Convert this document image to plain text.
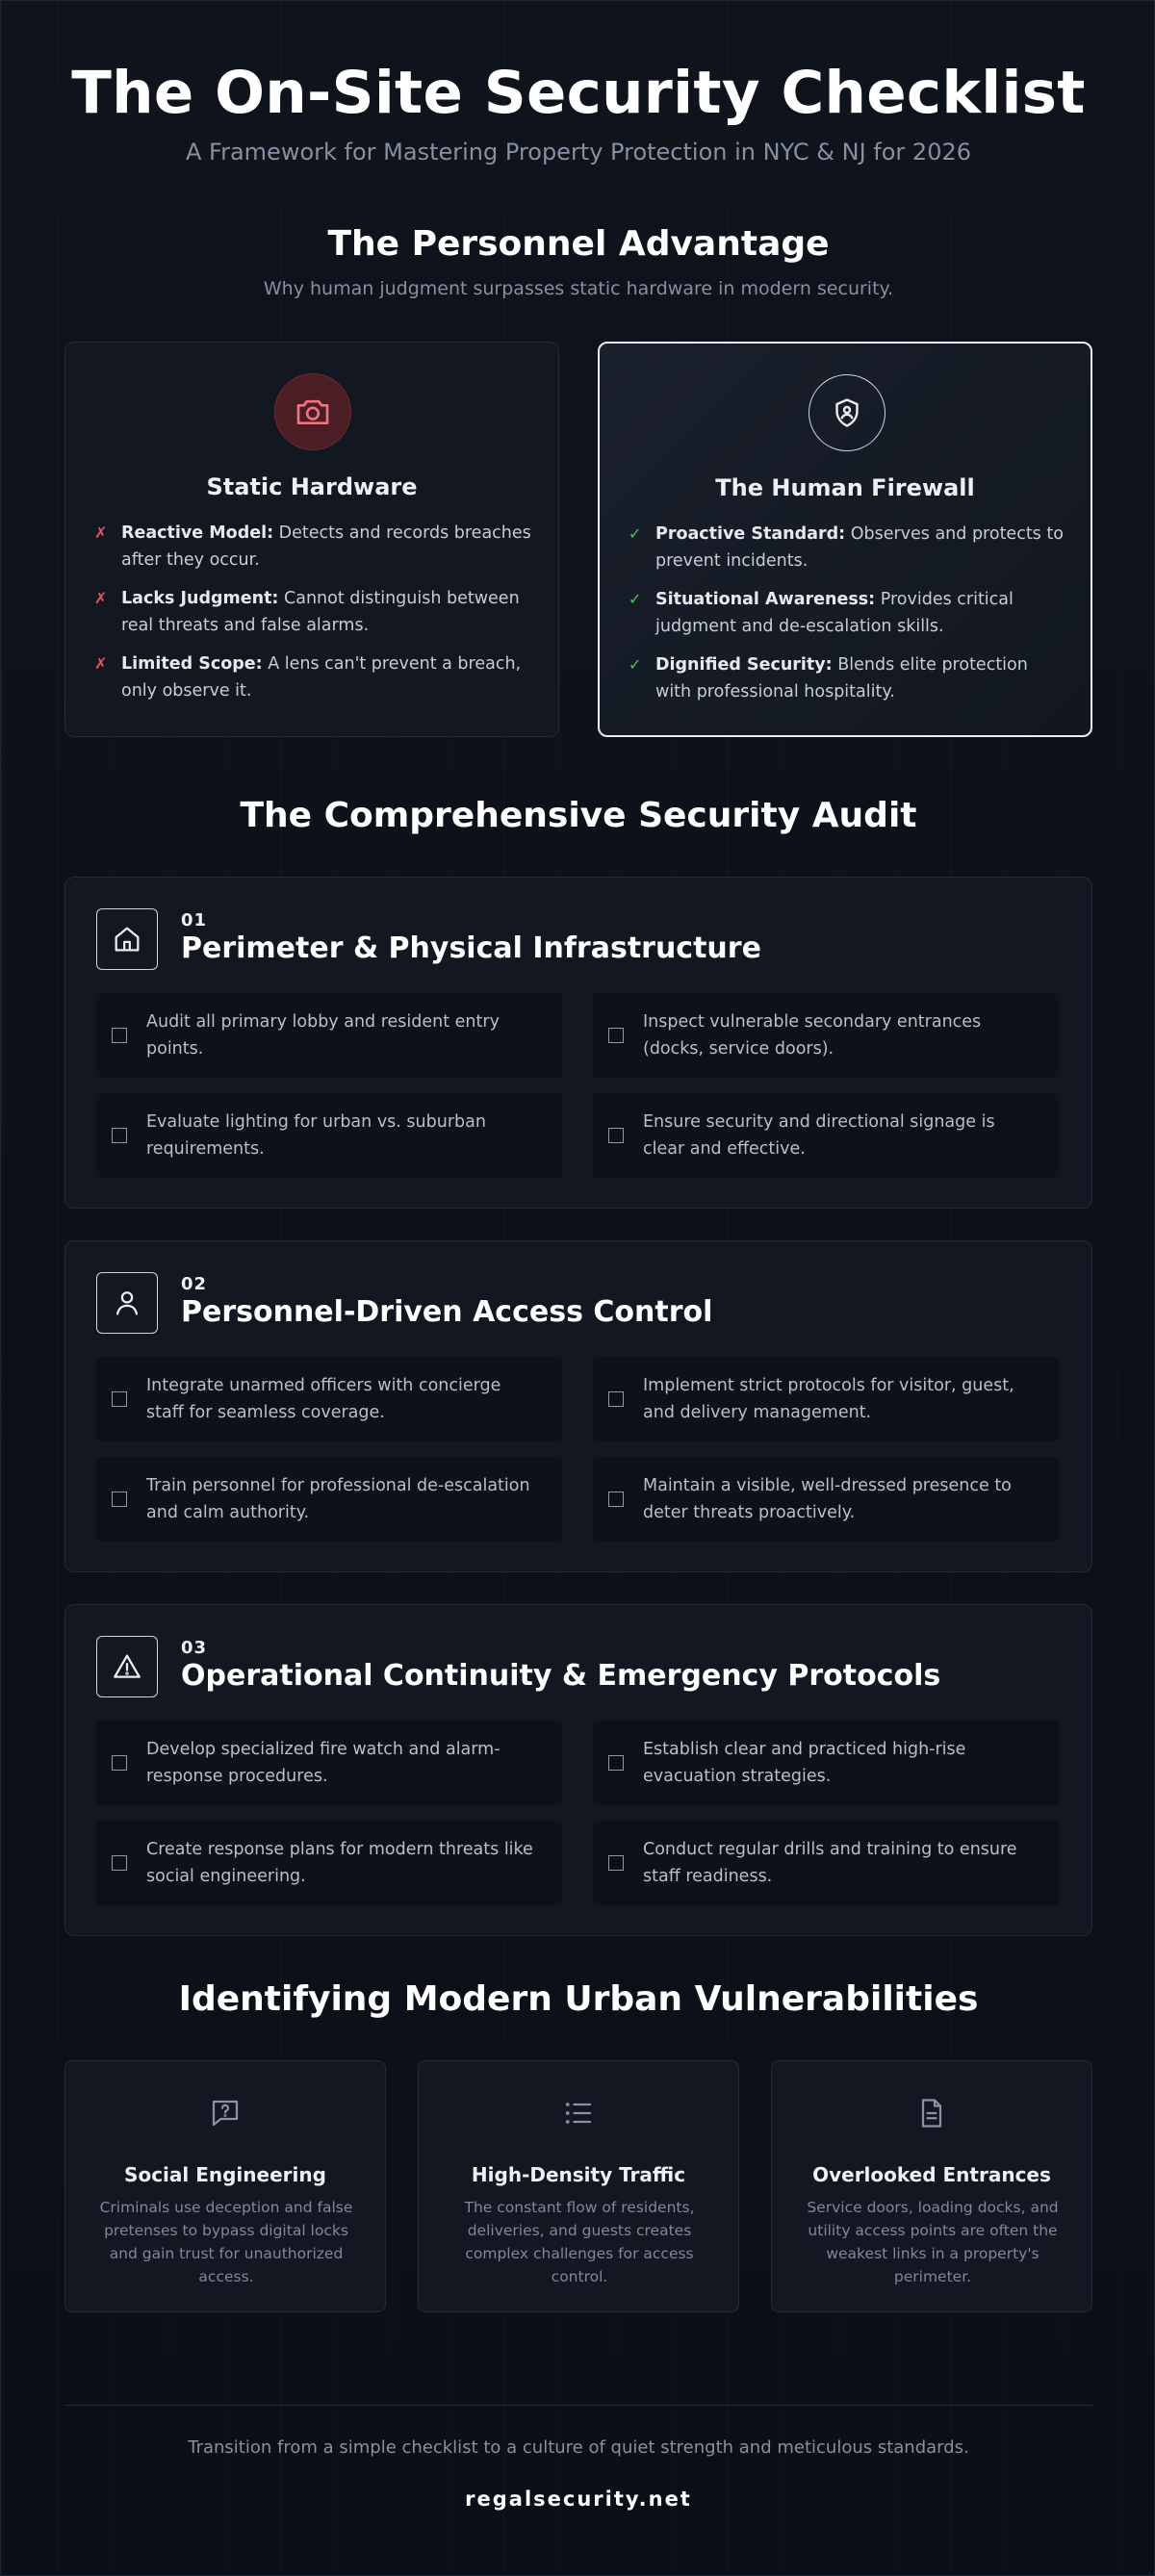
The On-Site Security Checklist
A Framework for Mastering Property Protection in NYC & NJ for 2026
The Personnel Advantage
Why human judgment surpasses static hardware in modern security.
Static Hardware
✗ Reactive Model: Detects and records breaches after they occur.
✗ Lacks Judgment: Cannot distinguish between real threats and false alarms.
✗ Limited Scope: A lens can't prevent a breach, only observe it.
The Human Firewall
✓ Proactive Standard: Observes and protects to prevent incidents.
✓ Situational Awareness: Provides critical judgment and de-escalation skills.
✓ Dignified Security: Blends elite protection with professional hospitality.
The Comprehensive Security Audit
01
Perimeter & Physical Infrastructure
Audit all primary lobby and resident entry points.
Inspect vulnerable secondary entrances (docks, service doors).
Evaluate lighting for urban vs. suburban requirements.
Ensure security and directional signage is clear and effective.
02
Personnel-Driven Access Control
Integrate unarmed officers with concierge staff for seamless coverage.
Implement strict protocols for visitor, guest, and delivery management.
Train personnel for professional de-escalation and calm authority.
Maintain a visible, well-dressed presence to deter threats proactively.
03
Operational Continuity & Emergency Protocols
Develop specialized fire watch and alarm-response procedures.
Establish clear and practiced high-rise evacuation strategies.
Create response plans for modern threats like social engineering.
Conduct regular drills and training to ensure staff readiness.
Identifying Modern Urban Vulnerabilities
Social Engineering
Criminals use deception and false pretenses to bypass digital locks and gain trust for unauthorized access.
High-Density Traffic
The constant flow of residents, deliveries, and guests creates complex challenges for access control.
Overlooked Entrances
Service doors, loading docks, and utility access points are often the weakest links in a property's perimeter.
Transition from a simple checklist to a culture of quiet strength and meticulous standards.
regalsecurity.net
